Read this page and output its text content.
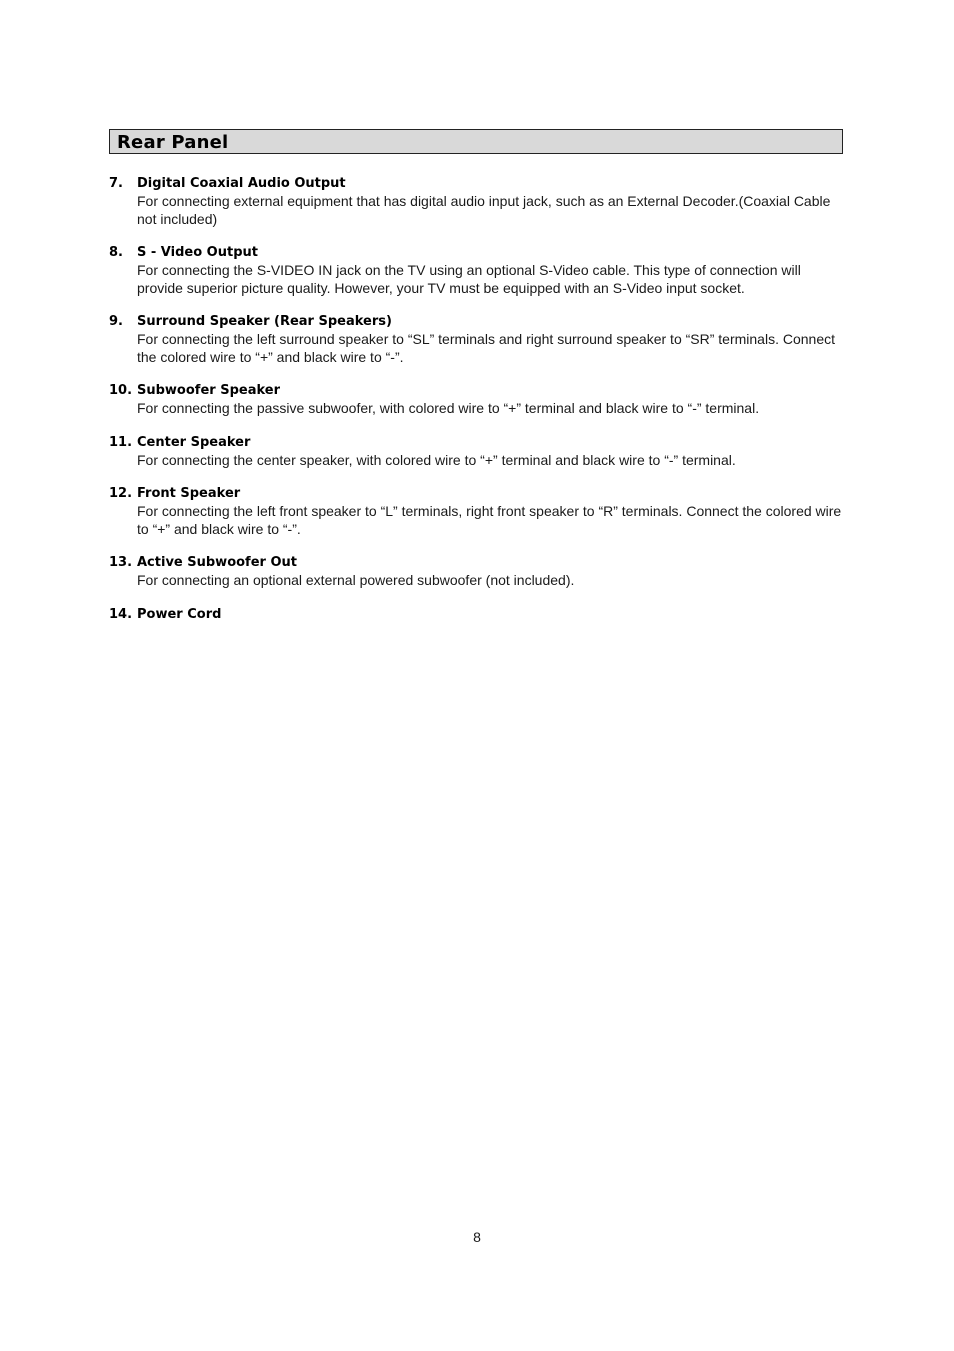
Rear Panel
7.	Digital Coaxial Audio Output

For connecting external equipment that has digital audio input jack, such as an External Decoder.(Coaxial Cable not included)

8.	S - Video Output

For connecting the S-VIDEO IN jack on the TV using an optional S-Video cable. This type of connection will provide superior picture quality. However, your TV must be equipped with an S-Video input socket.

9.	Surround Speaker (Rear Speakers)

For connecting the left surround speaker to “SL” terminals and right surround speaker to “SR” terminals. Connect the colored wire to “+” and black wire to “-”.

10. Subwoofer Speaker

For connecting the passive subwoofer, with colored wire to “+” terminal and black wire to “-” terminal.

11. Center Speaker

For connecting the center speaker, with colored wire to “+” terminal and black wire to “-” terminal.

12. Front Speaker

For connecting the left front speaker to “L” terminals, right front speaker to “R” terminals. Connect the colored wire to “+” and black wire to “-”.

13. Active Subwoofer Out

For connecting an optional external powered subwoofer (not included).

14. Power Cord
8
